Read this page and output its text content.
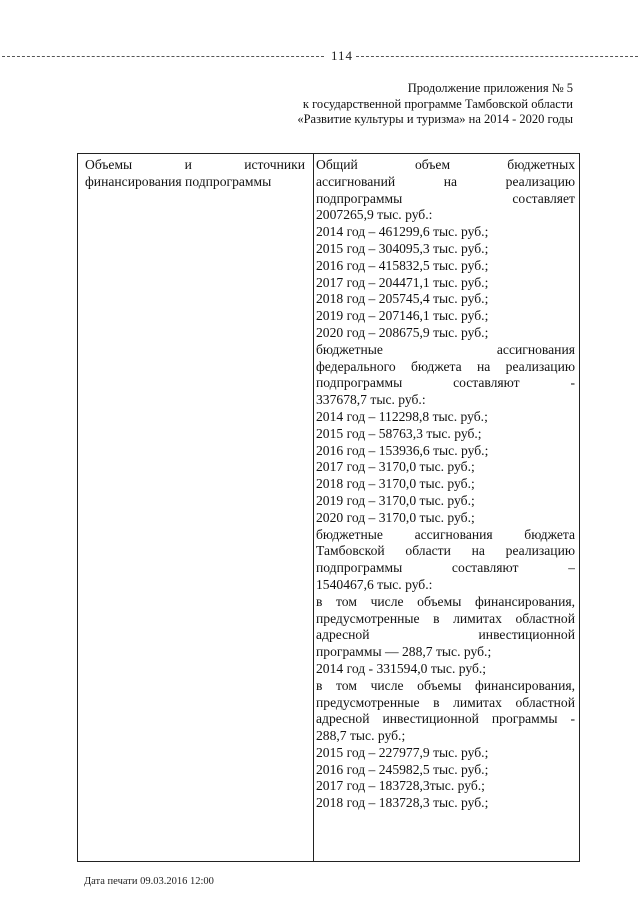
114
Продолжение приложения № 5
к государственной программе Тамбовской области
«Развитие культуры и туризма» на 2014 - 2020 годы
Объемы и источники
финансирования подпрограммы
Общий объем бюджетных
ассигнований на реализацию
подпрограммы составляет
2007265,9 тыс. руб.:
2014 год – 461299,6 тыс. руб.;
2015 год – 304095,3 тыс. руб.;
2016 год – 415832,5 тыс. руб.;
2017 год – 204471,1 тыс. руб.;
2018 год – 205745,4 тыс. руб.;
2019 год – 207146,1 тыс. руб.;
2020 год – 208675,9 тыс. руб.;
бюджетные ассигнования
федерального бюджета на реализацию
подпрограммы составляют -
337678,7 тыс. руб.:
2014 год – 112298,8 тыс. руб.;
2015 год – 58763,3 тыс. руб.;
2016 год – 153936,6 тыс. руб.;
2017 год – 3170,0 тыс. руб.;
2018 год – 3170,0 тыс. руб.;
2019 год – 3170,0 тыс. руб.;
2020 год – 3170,0 тыс. руб.;
бюджетные ассигнования бюджета
Тамбовской области на реализацию
подпрограммы составляют –
1540467,6 тыс. руб.:
в том числе объемы финансирования,
предусмотренные в лимитах областной
адресной инвестиционной
программы — 288,7 тыс. руб.;
2014 год - 331594,0 тыс. руб.;
в том числе объемы финансирования,
предусмотренные в лимитах областной
адресной инвестиционной программы -
288,7 тыс. руб.;
2015 год – 227977,9 тыс. руб.;
2016 год – 245982,5 тыс. руб.;
2017 год – 183728,3тыс. руб.;
2018 год – 183728,3 тыс. руб.;
Дата печати 09.03.2016 12:00
